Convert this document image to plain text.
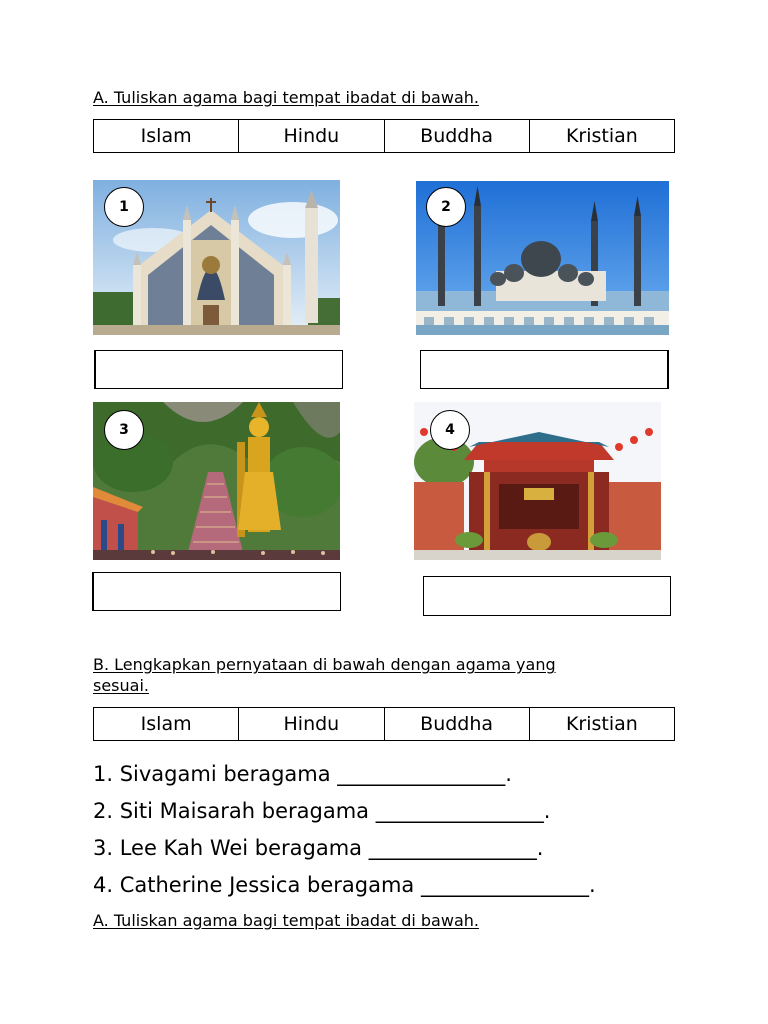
A. Tuliskan agama bagi tempat ibadat di bawah.

Islam	Hindu	Buddha	Kristian
1	2
3	4

B. Lengkapkan pernyataan di bawah dengan agama yang

sesuai.

Islam	Hindu	Buddha	Kristian

1. Sivagami beragama ________________.

2. Siti Maisarah beragama ________________.

3. Lee Kah Wei beragama ________________.

4. Catherine Jessica beragama ________________.

A. Tuliskan agama bagi tempat ibadat di bawah.
